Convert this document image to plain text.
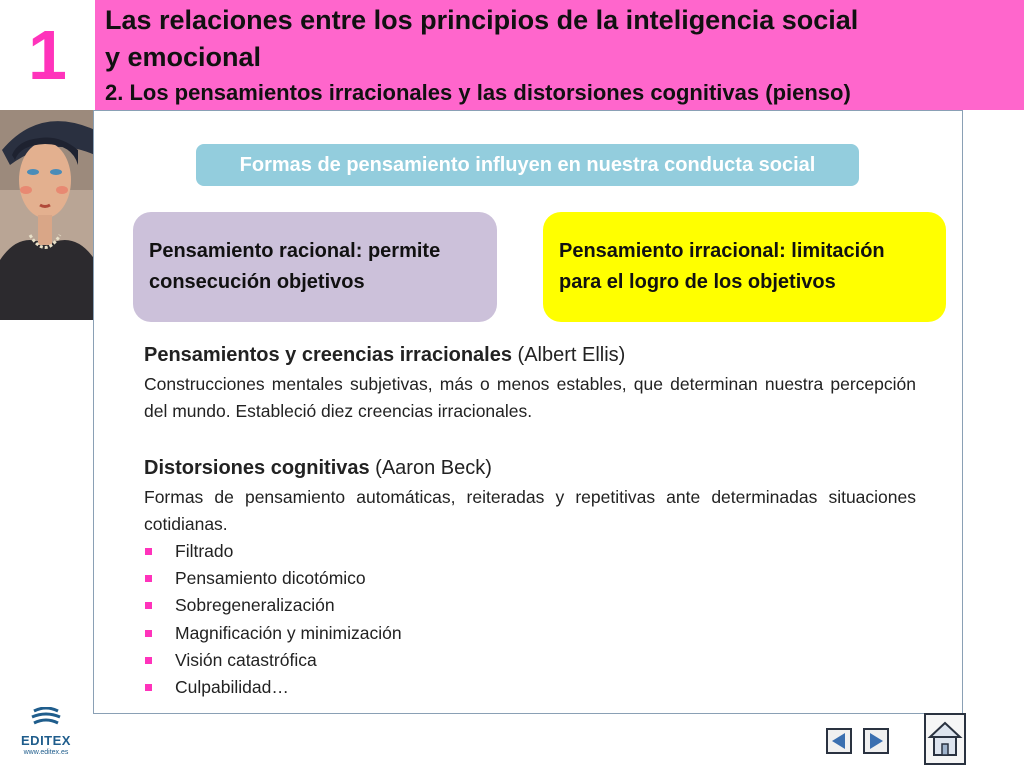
1	Las relaciones entre los principios de la inteligencia social
y emocional
2. Los pensamientos irracionales y las distorsiones cognitivas (pienso)
Formas de pensamiento influyen en nuestra conducta social
Pensamiento racional: permite
consecución objetivos
Pensamiento irracional: limitación
para el logro de los objetivos
Pensamientos y creencias irracionales (Albert Ellis)
Construcciones mentales subjetivas, más o menos estables, que determinan nuestra percepción del mundo. Estableció diez creencias irracionales.
Distorsiones cognitivas (Aaron Beck)
Formas de pensamiento automáticas, reiteradas y repetitivas ante determinadas situaciones cotidianas.
Filtrado
Pensamiento dicotómico
Sobregeneralización
Magnificación y minimización
Visión catastrófica
Culpabilidad…
EDITEX
www.editex.es
